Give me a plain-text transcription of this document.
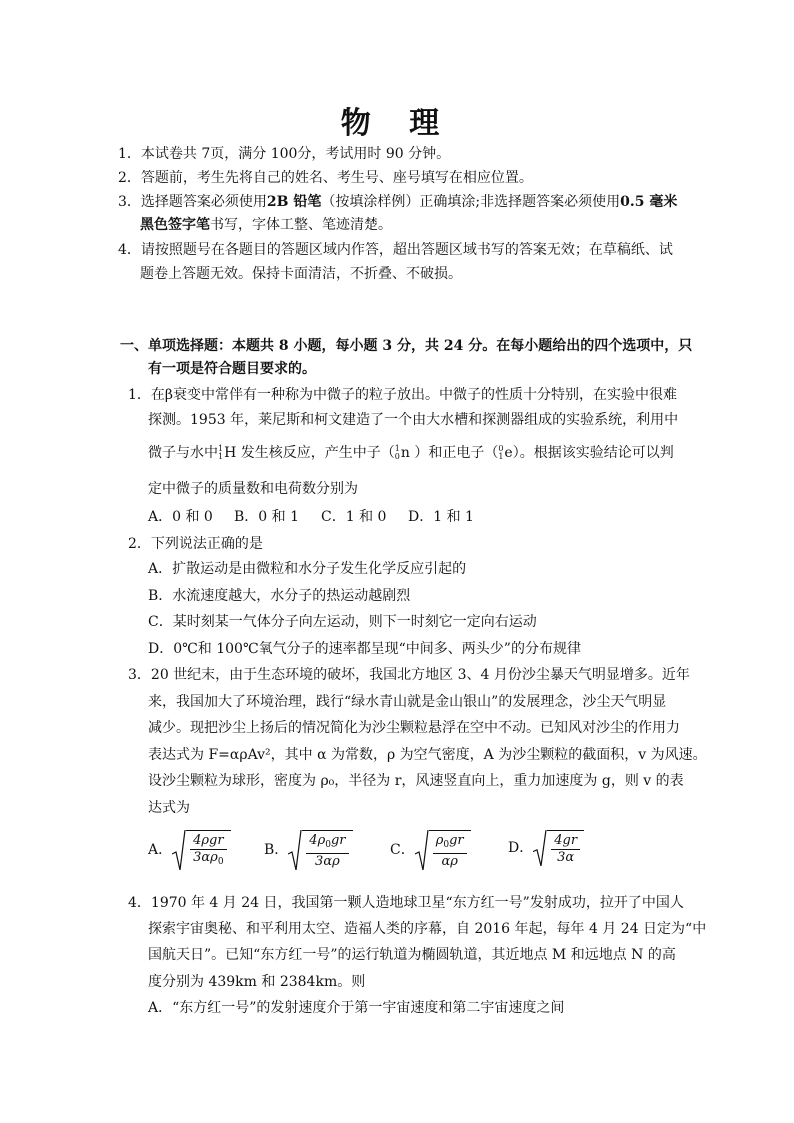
物 理
1．本试卷共 7页，满分 100分，考试用时 90 分钟。
2．答题前，考生先将自己的姓名、考生号、座号填写在相应位置。
3．选择题答案必须使用2B 铅笔（按填涂样例）正确填涂;非选择题答案必须使用0.5 毫米
黑色签字笔书写，字体工整、笔迹清楚。
4．请按照题号在各题目的答题区域内作答，超出答题区域书写的答案无效；在草稿纸、试
题卷上答题无效。保持卡面清洁，不折叠、不破损。
一、单项选择题：本题共 8 小题，每小题 3 分，共 24 分。在每小题给出的四个选项中，只
有一项是符合题目要求的。
1．在β衰变中常伴有一种称为中微子的粒子放出。中微子的性质十分特别，在实验中很难
探测。1953 年，莱尼斯和柯文建造了一个由大水槽和探测器组成的实验系统，利用中
微子与水中 1
1 H 发生核反应，产生中子（ 1
0 n ）和正电子（ 0
1 e）。根据该实验结论可以判
定中微子的质量数和电荷数分别为
A．0 和 0 B．0 和 1 C．1 和 0 D．1 和 1
2．下列说法正确的是
A．扩散运动是由微粒和水分子发生化学反应引起的
B．水流速度越大，水分子的热运动越剧烈
C．某时刻某一气体分子向左运动，则下一时刻它一定向右运动
D．0℃和 100℃氧气分子的速率都呈现“中间多、两头少”的分布规律
3．20 世纪末，由于生态环境的破坏，我国北方地区 3、4 月份沙尘暴天气明显增多。近年
来，我国加大了环境治理，践行“绿水青山就是金山银山”的发展理念，沙尘天气明显
减少。现把沙尘上扬后的情况简化为沙尘颗粒悬浮在空中不动。已知风对沙尘的作用力
表达式为 F=αρAv²，其中 α 为常数，ρ 为空气密度，A 为沙尘颗粒的截面积，v 为风速。
设沙尘颗粒为球形，密度为 ρ₀，半径为 r，风速竖直向上，重力加速度为 g，则 v 的表
达式为
A． $\frac{\text{4ρgr}}{3\alpha\rho_0}$	B． $\frac{4\rho_0gr}{3\alpha\rho}$	C． $\frac{\rho_0gr}{\alpha\rho}$	D． $\frac{4gr}{3\alpha}$
4．1970 年 4 月 24 日，我国第一颗人造地球卫星“东方红一号”发射成功，拉开了中国人
探索宇宙奥秘、和平利用太空、造福人类的序幕，自 2016 年起，每年 4 月 24 日定为“中
国航天日”。已知“东方红一号”的运行轨道为椭圆轨道，其近地点 M 和远地点 N 的高
度分别为 439km 和 2384km。则
A．“东方红一号”的发射速度介于第一宇宙速度和第二宇宙速度之间
